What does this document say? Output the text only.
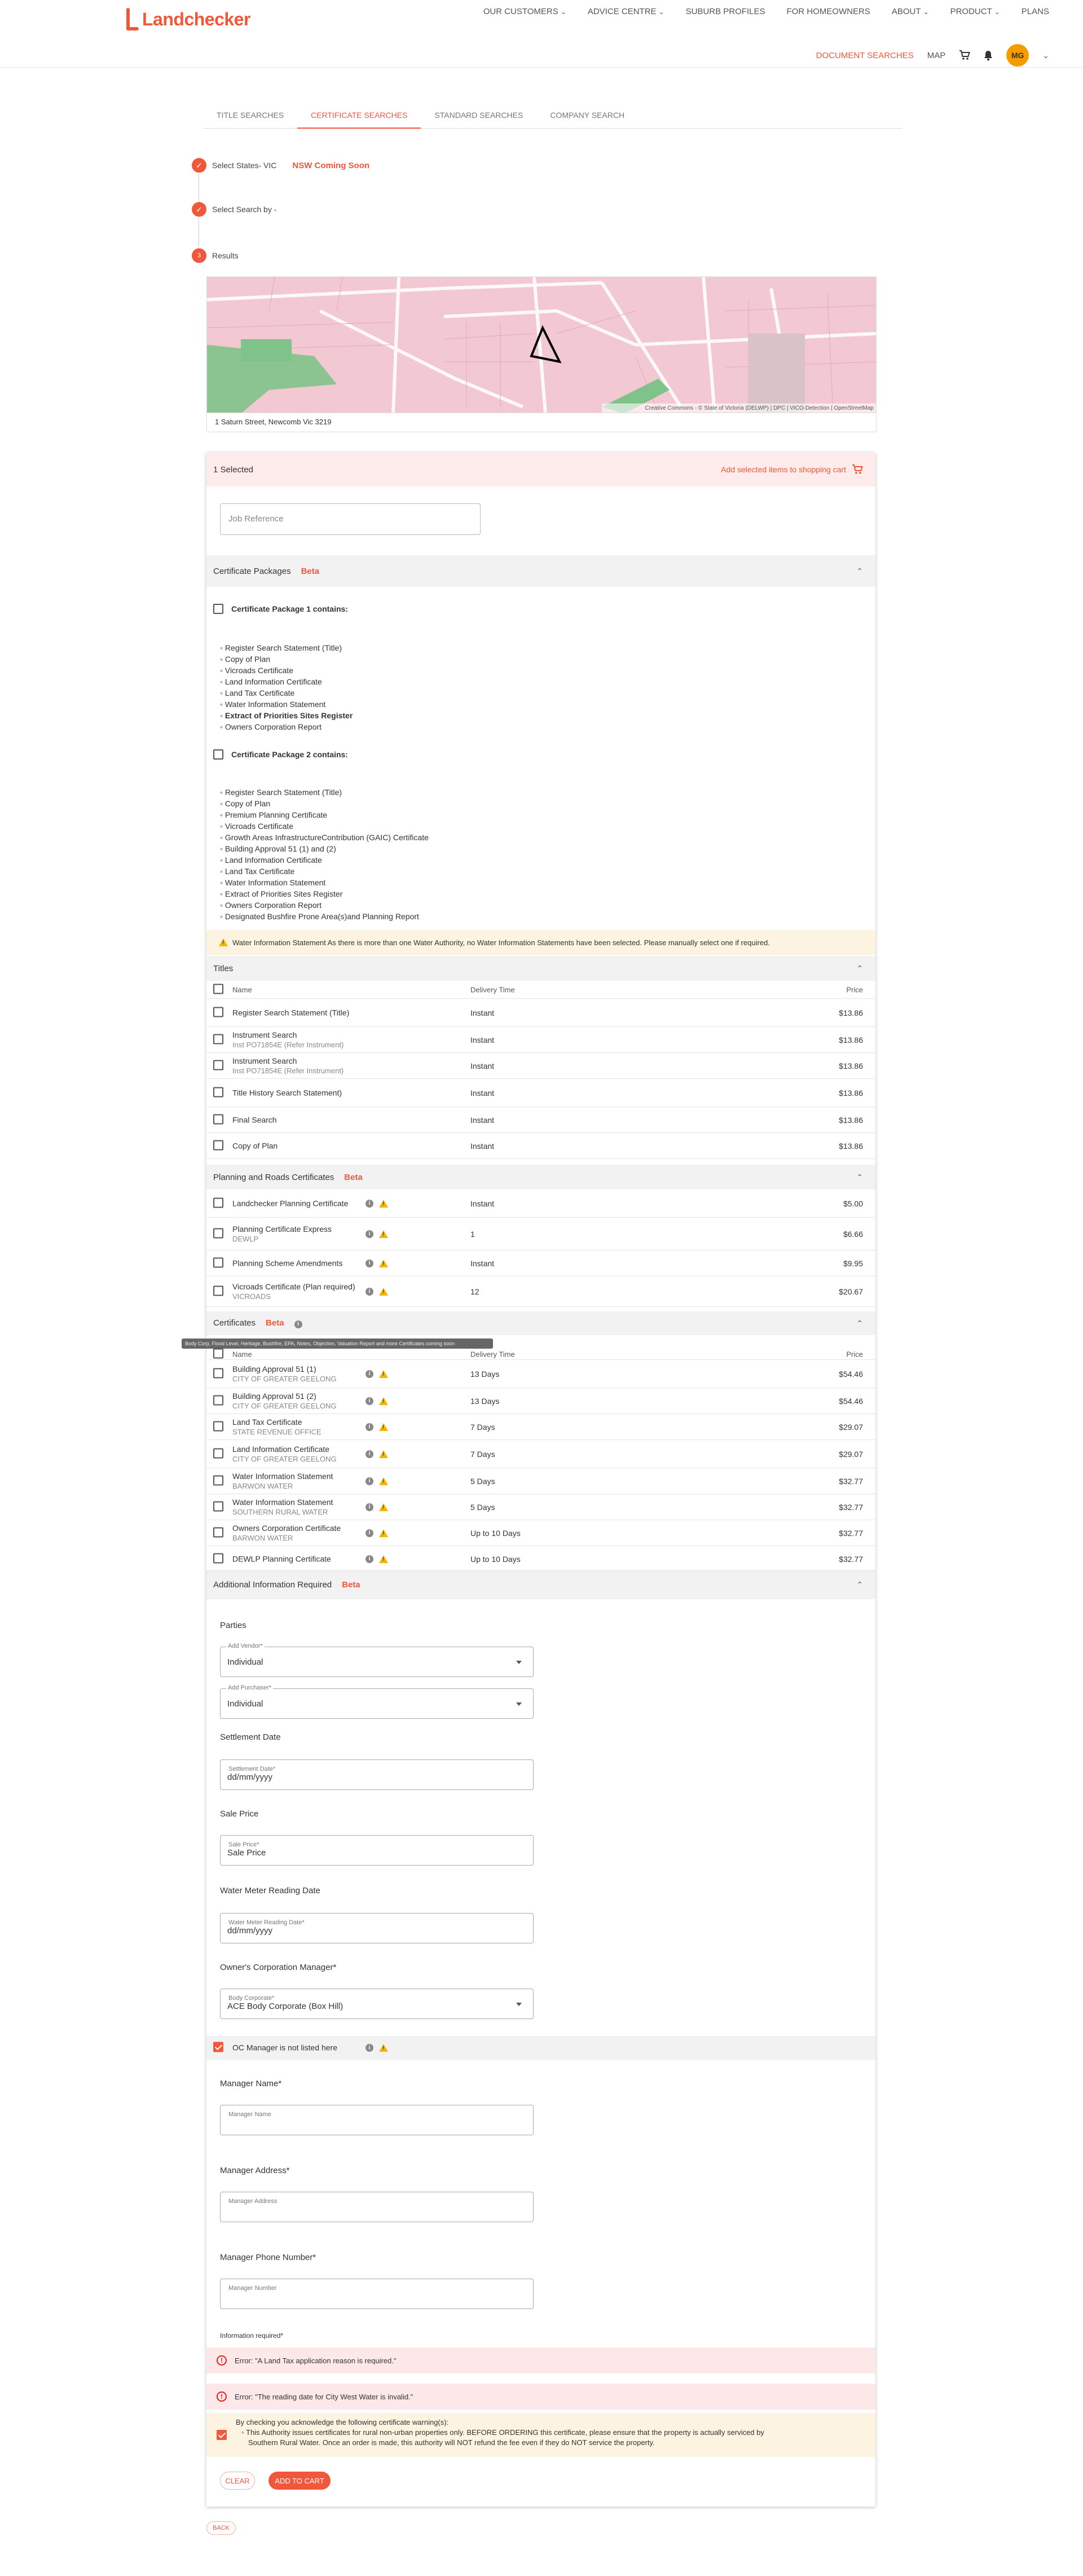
Landchecker	OUR CUSTOMERS ⌄	ADVICE CENTRE ⌄	SUBURB PROFILES	FOR HOMEOWNERS	ABOUT ⌄	PRODUCT ⌄	PLANS
DOCUMENT SEARCHES MAP	MG	⌄
TITLE SEARCHES	CERTIFICATE SEARCHES	STANDARD SEARCHES	COMPANY SEARCH
✓	Select States- VIC NSW Coming Soon
✓	Select Search by -
3	Results
Creative Commons - © State of Victoria (DELWP) | DPC | VICO-Detection | OpenStreetMap
1 Saturn Street, Newcomb Vic 3219
1 Selected	Add selected items to shopping cart
Job Reference
Certificate Packages Beta	⌃
Certificate Package 1 contains:
◦ Register Search Statement (Title)
◦ Copy of Plan
◦ Vicroads Certificate
◦ Land Information Certificate
◦ Land Tax Certificate
◦ Water Information Statement
◦ Extract of Priorities Sites Register
◦ Owners Corporation Report
Certificate Package 2 contains:
◦ Register Search Statement (Title)
◦ Copy of Plan
◦ Premium Planning Certificate
◦ Vicroads Certificate
◦ Growth Areas InfrastructureContribution (GAIC) Certificate
◦ Building Approval 51 (1) and (2)
◦ Land Information Certificate
◦ Land Tax Certificate
◦ Water Information Statement
◦ Extract of Priorities Sites Register
◦ Owners Corporation Report
◦ Designated Bushfire Prone Area(s)and Planning Report
!
Water Information Statement As there is more than one Water Authority, no Water Information Statements have been selected. Please manually select one if required.
Titles	⌃
Name	Delivery Time	Price
Planning and Roads Certificates Beta	⌃
Certificates Beta i	⌃
Body Corp, Flood Level, Heritage, Bushfire, EPA, Notes, Objection, Valuation Report and more Certificates coming soon
Name	Delivery Time	Price
Additional Information Required Beta	⌃
Parties
Add Vendor*
Individual
Add Purchaser*
Individual
Settlement Date
Settlement Date*
dd/mm/yyyy
Sale Price
Sale Price*
Sale Price
Water Meter Reading Date
Water Meter Reading Date*
dd/mm/yyyy
Owner's Corporation Manager*
Body Corporate*
ACE Body Corporate (Box Hill)
OC Manager is not listed here	i
!
Manager Name*
Manager Name
Manager Address*
Manager Address
Manager Phone Number*
Manager Number
Information required*
!	Error: "A Land Tax application reason is required."
!	Error: "The reading date for City West Water is invalid."
By checking you acknowledge the following certificate warning(s):
◦ This Authority issues certificates for rural non-urban properties only. BEFORE ORDERING this certificate, please ensure that the property is actually serviced by
Southern Rural Water. Once an order is made, this authority will NOT refund the fee even if they do NOT service the property.
CLEAR	ADD TO CART
Register Search Statement (Title)	Instant	$13.86
Instrument Search
Inst PO71854E (Refer Instrument)
Instant	$13.86
Instrument Search
Inst PO71854E (Refer Instrument)
Instant	$13.86
Title History Search Statement)	Instant	$13.86
Final Search	Instant	$13.86
Copy of Plan	Instant	$13.86
Landchecker Planning Certificate	Instant	$5.00
i
!
Planning Certificate Express
DEWLP
1	$6.66
i
!
Planning Scheme Amendments	Instant	$9.95
i
!
Vicroads Certificate (Plan required)
VICROADS
12	$20.67
i
!
Building Approval 51 (1)
CITY OF GREATER GEELONG
i !	13 Days	$54.46
Building Approval 51 (2)
CITY OF GREATER GEELONG
i !	13 Days	$54.46
Land Tax Certificate
STATE REVENUE OFFICE
i !	7 Days	$29.07
Land Information Certificate
CITY OF GREATER GEELONG
i !	7 Days	$29.07
Water Information Statement
BARWON WATER
i !	5 Days	$32.77
Water Information Statement
SOUTHERN RURAL WATER
i !	5 Days	$32.77
Owners Corporation Certificate
BARWON WATER
i !	Up to 10 Days	$32.77
DEWLP Planning Certificate	i !	Up to 10 Days	$32.77
BACK
